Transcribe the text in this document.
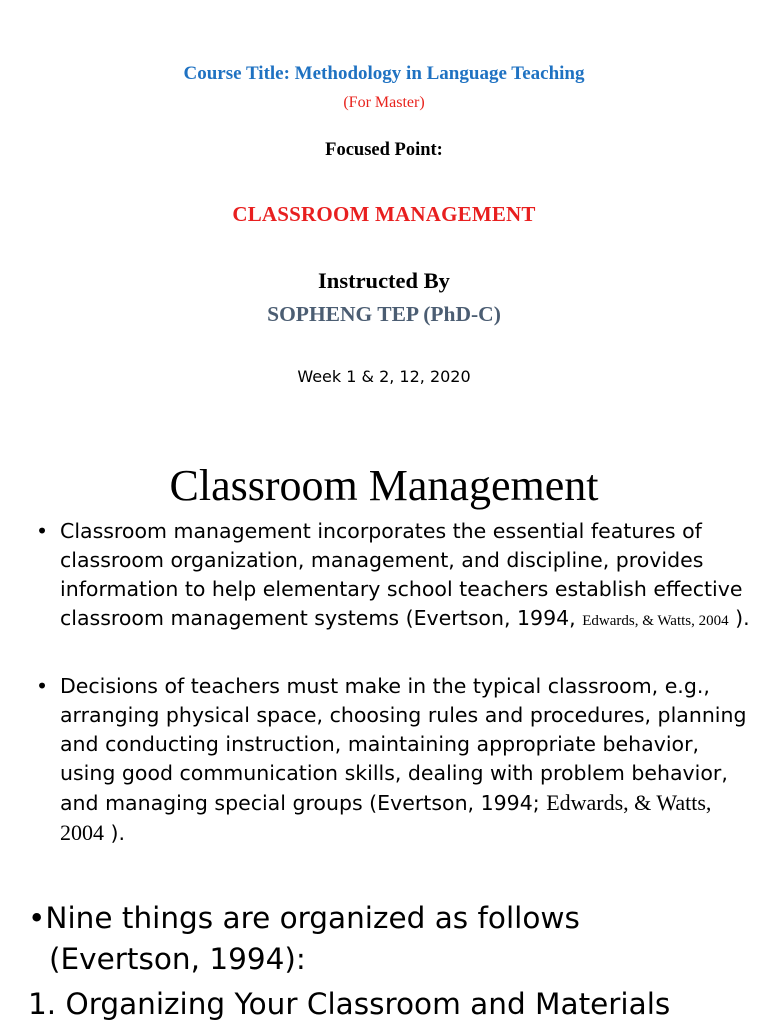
Course Title: Methodology in Language Teaching

(For Master)

Focused Point:

CLASSROOM MANAGEMENT

Instructed By

SOPHENG TEP (PhD-C)

Week 1 & 2, 12, 2020

Classroom Management
• Classroom management incorporates the essential features of classroom organization, management, and discipline, provides information to help elementary school teachers establish effective classroom management systems (Evertson, 1994, Edwards, & Watts, 2004 ).
• Decisions of teachers must make in the typical classroom, e.g., arranging physical space, choosing rules and procedures, planning and conducting instruction, maintaining appropriate behavior, using good communication skills, dealing with problem behavior, and managing special groups (Evertson, 1994; Edwards, & Watts, 2004 ).
•Nine things are organized as follows
(Evertson, 1994):
1. Organizing Your Classroom and Materials
